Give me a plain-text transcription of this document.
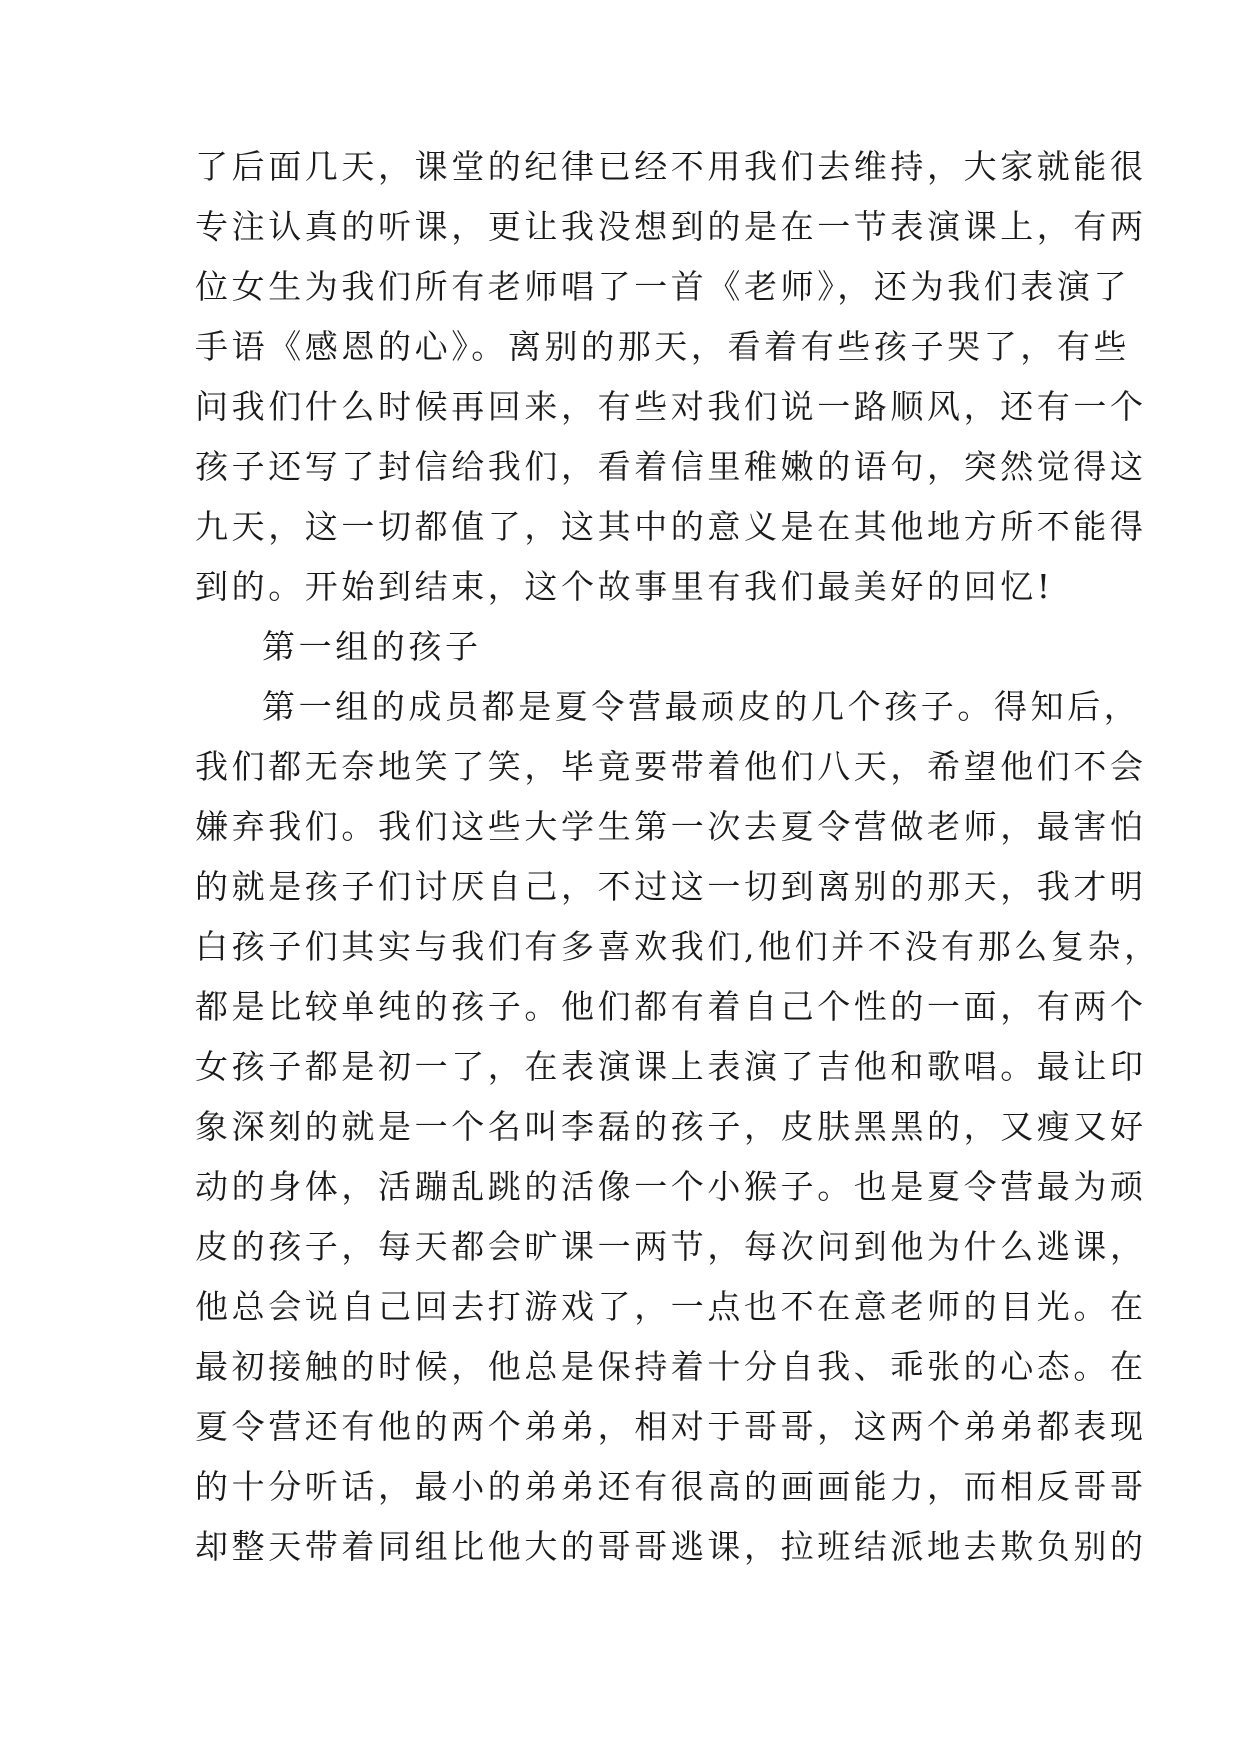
了后面几天，课堂的纪律已经不用我们去维持，大家就能很
专注认真的听课，更让我没想到的是在一节表演课上，有两
位女生为我们所有老师唱了一首《老师》，还为我们表演了
手语《感恩的心》。离别的那天，看着有些孩子哭了，有些
问我们什么时候再回来，有些对我们说一路顺风，还有一个
孩子还写了封信给我们，看着信里稚嫩的语句，突然觉得这
九天，这一切都值了，这其中的意义是在其他地方所不能得
到的。开始到结束，这个故事里有我们最美好的回忆!
第一组的孩子
第一组的成员都是夏令营最顽皮的几个孩子。得知后，
我们都无奈地笑了笑，毕竟要带着他们八天，希望他们不会
嫌弃我们。我们这些大学生第一次去夏令营做老师，最害怕
的就是孩子们讨厌自己，不过这一切到离别的那天，我才明
白孩子们其实与我们有多喜欢我们,他们并不没有那么复杂，
都是比较单纯的孩子。他们都有着自己个性的一面，有两个
女孩子都是初一了，在表演课上表演了吉他和歌唱。最让印
象深刻的就是一个名叫李磊的孩子，皮肤黑黑的，又瘦又好
动的身体，活蹦乱跳的活像一个小猴子。也是夏令营最为顽
皮的孩子，每天都会旷课一两节，每次问到他为什么逃课，
他总会说自己回去打游戏了，一点也不在意老师的目光。在
最初接触的时候，他总是保持着十分自我、乖张的心态。在
夏令营还有他的两个弟弟，相对于哥哥，这两个弟弟都表现
的十分听话，最小的弟弟还有很高的画画能力，而相反哥哥
却整天带着同组比他大的哥哥逃课，拉班结派地去欺负别的
